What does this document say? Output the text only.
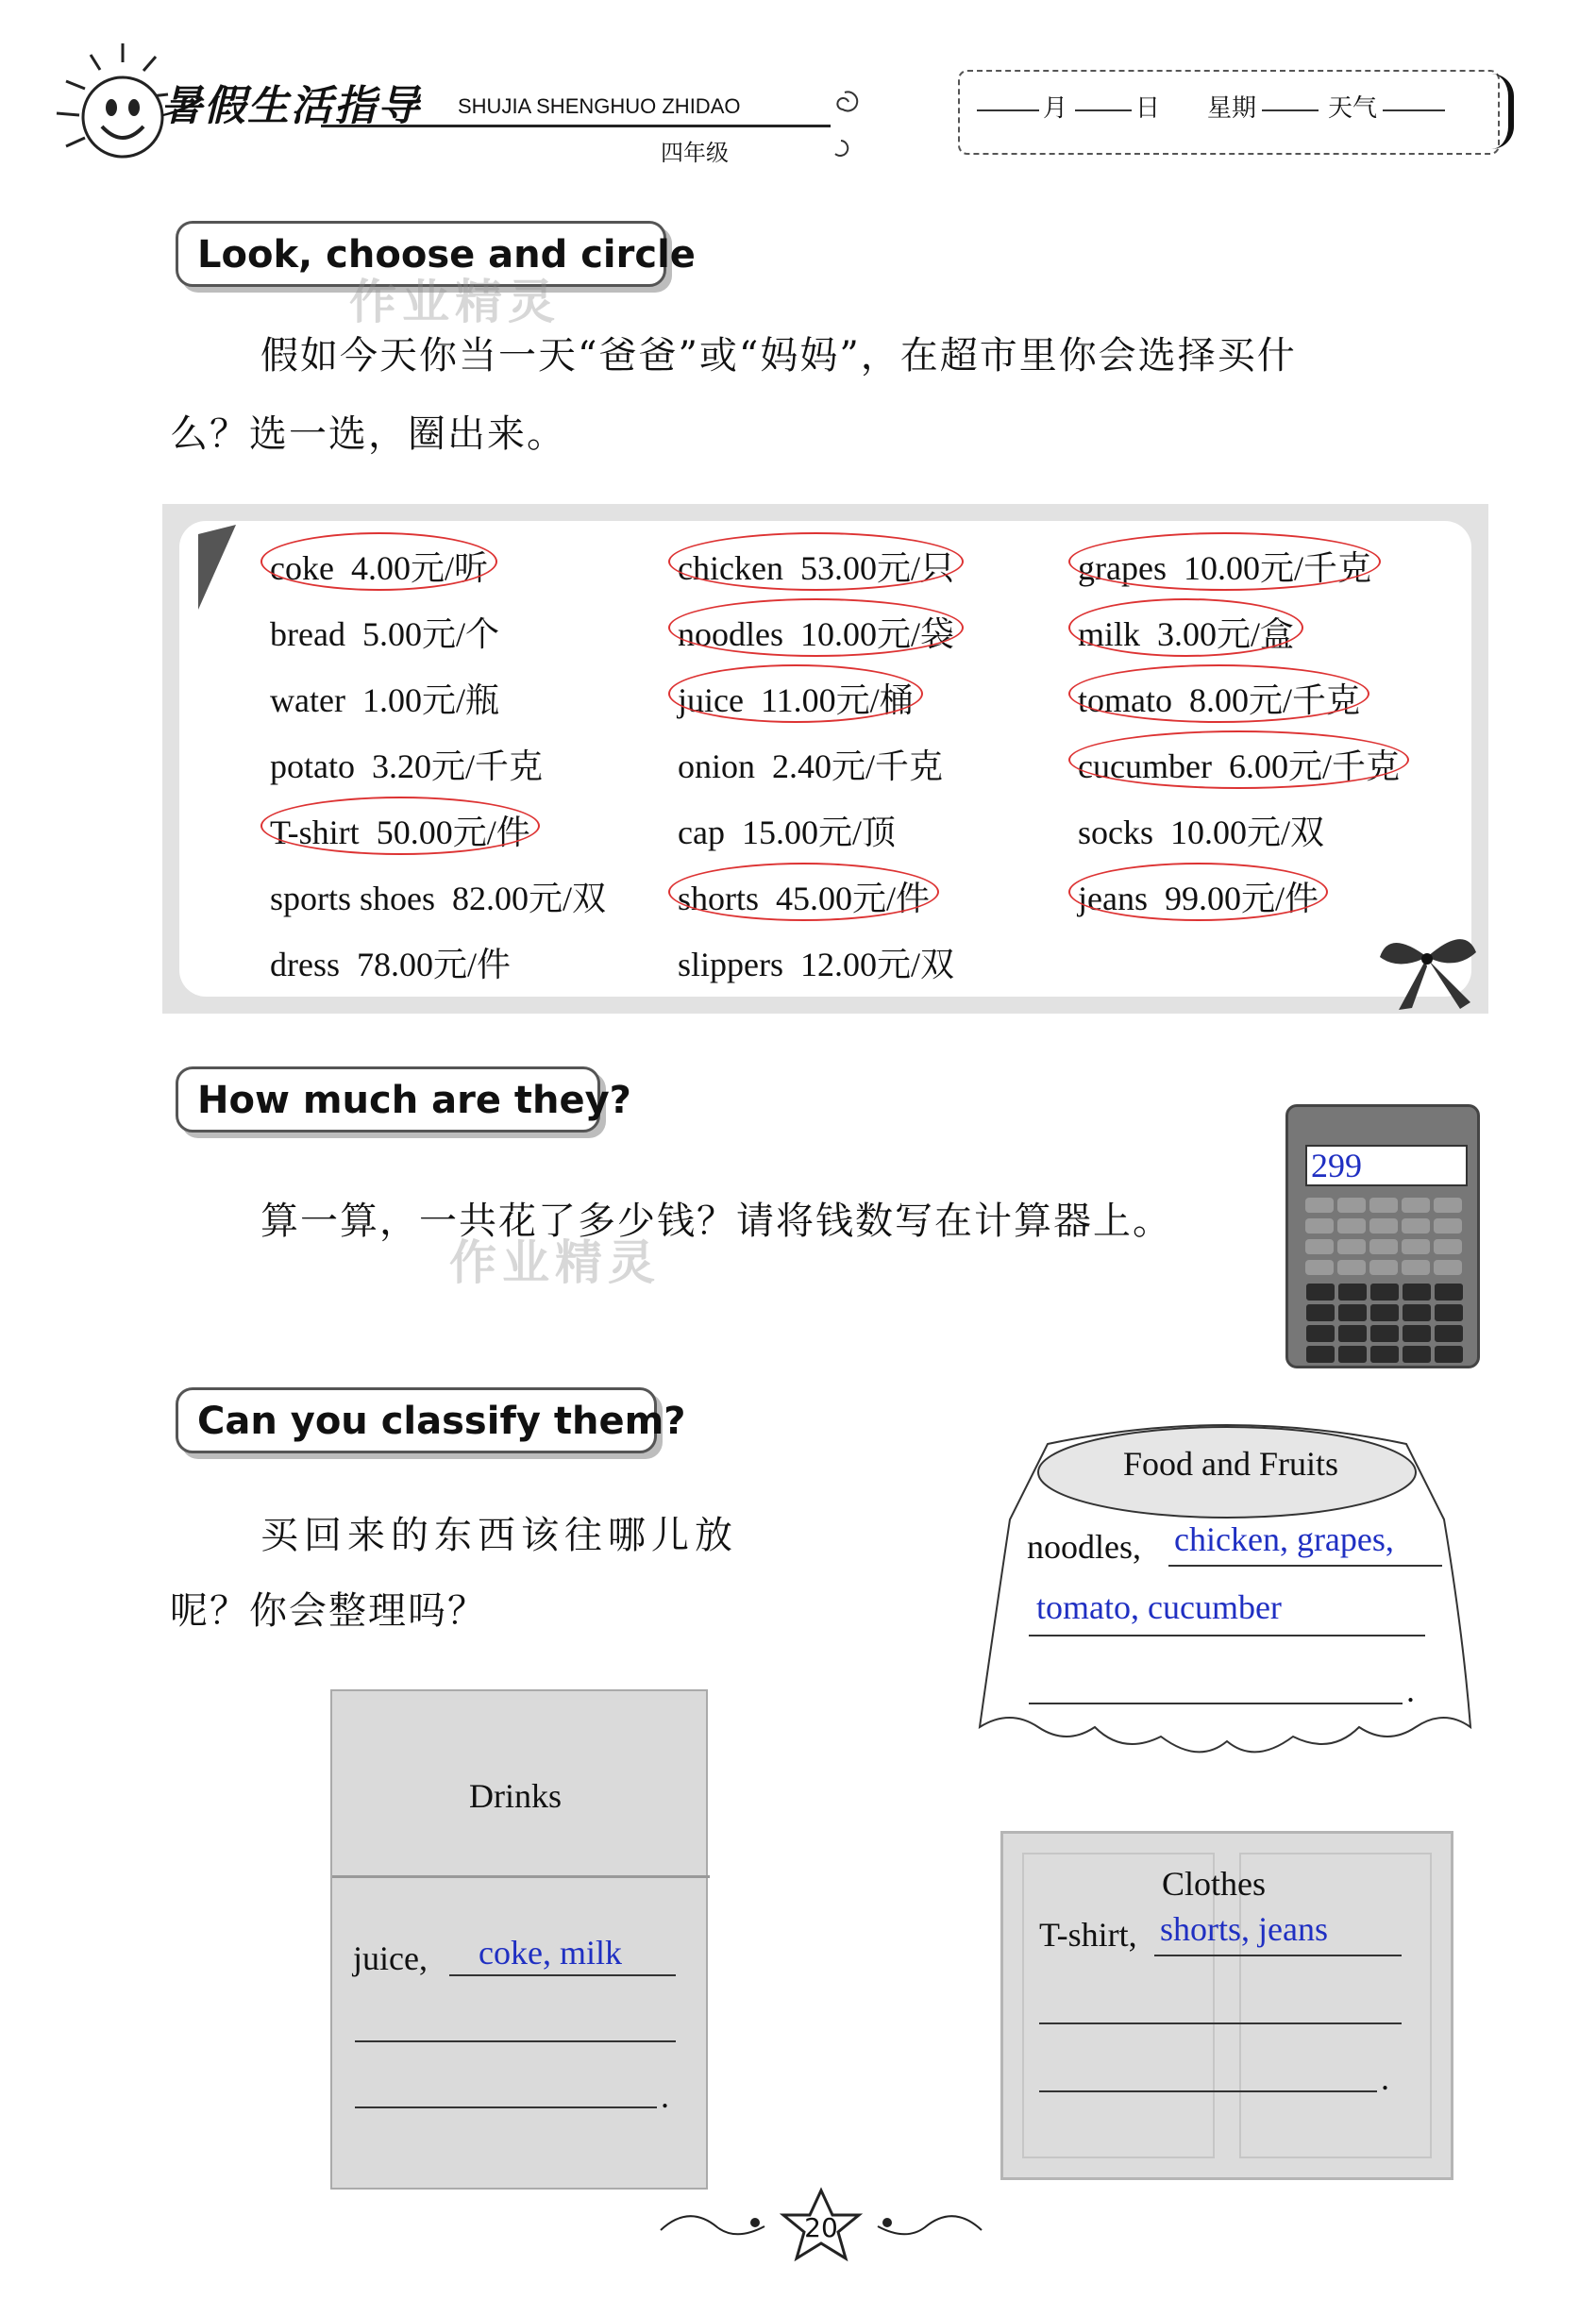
暑假生活指导 SHUJIA SHENGHUO ZHIDAO
四年级
月	日 星期	天气
Look, choose and circle
作业精灵
假如今天你当一天“爸爸”或“妈妈”，在超市里你会选择买什
么？选一选，圈出来。
coke 4.00元/听
bread 5.00元/个
water 1.00元/瓶
potato 3.20元/千克
T-shirt 50.00元/件
sports shoes 82.00元/双
dress 78.00元/件
chicken 53.00元/只
noodles 10.00元/袋
juice 11.00元/桶
onion 2.40元/千克
cap 15.00元/顶
shorts 45.00元/件
slippers 12.00元/双
grapes 10.00元/千克
milk 3.00元/盒
tomato 8.00元/千克
cucumber 6.00元/千克
socks 10.00元/双
jeans 99.00元/件
How much are they?
算一算，一共花了多少钱？请将钱数写在计算器上。
作业精灵
299
Can you classify them?
买回来的东西该往哪儿放
呢？你会整理吗？
Food and Fruits
noodles, chicken, grapes,
tomato, cucumber
.
Drinks
juice, coke, milk
.
Clothes
T-shirt, shorts, jeans
.
20
